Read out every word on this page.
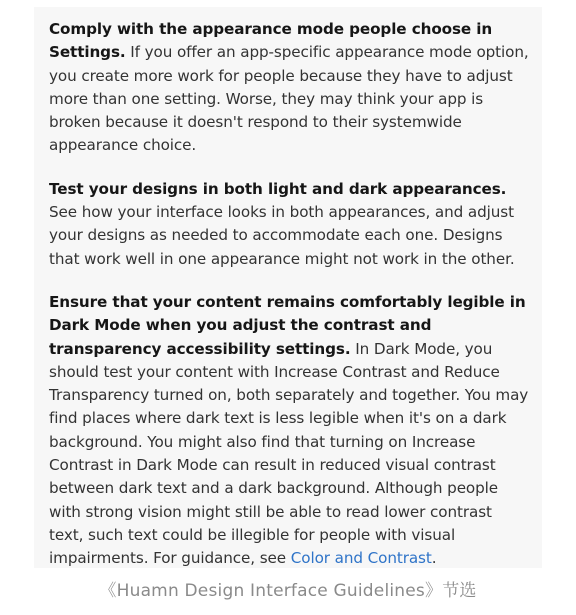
Comply with the appearance mode people choose in Settings. If you offer an app-specific appearance mode option, you create more work for people because they have to adjust more than one setting. Worse, they may think your app is broken because it doesn't respond to their systemwide appearance choice.

Test your designs in both light and dark appearances. See how your interface looks in both appearances, and adjust your designs as needed to accommodate each one. Designs that work well in one appearance might not work in the other.

Ensure that your content remains comfortably legible in Dark Mode when you adjust the contrast and transparency accessibility settings. In Dark Mode, you should test your content with Increase Contrast and Reduce Transparency turned on, both separately and together. You may find places where dark text is less legible when it's on a dark background. You might also find that turning on Increase Contrast in Dark Mode can result in reduced visual contrast between dark text and a dark background. Although people with strong vision might still be able to read lower contrast text, such text could be illegible for people with visual impairments. For guidance, see Color and Contrast.

《Huamn Design Interface Guidelines》节选
